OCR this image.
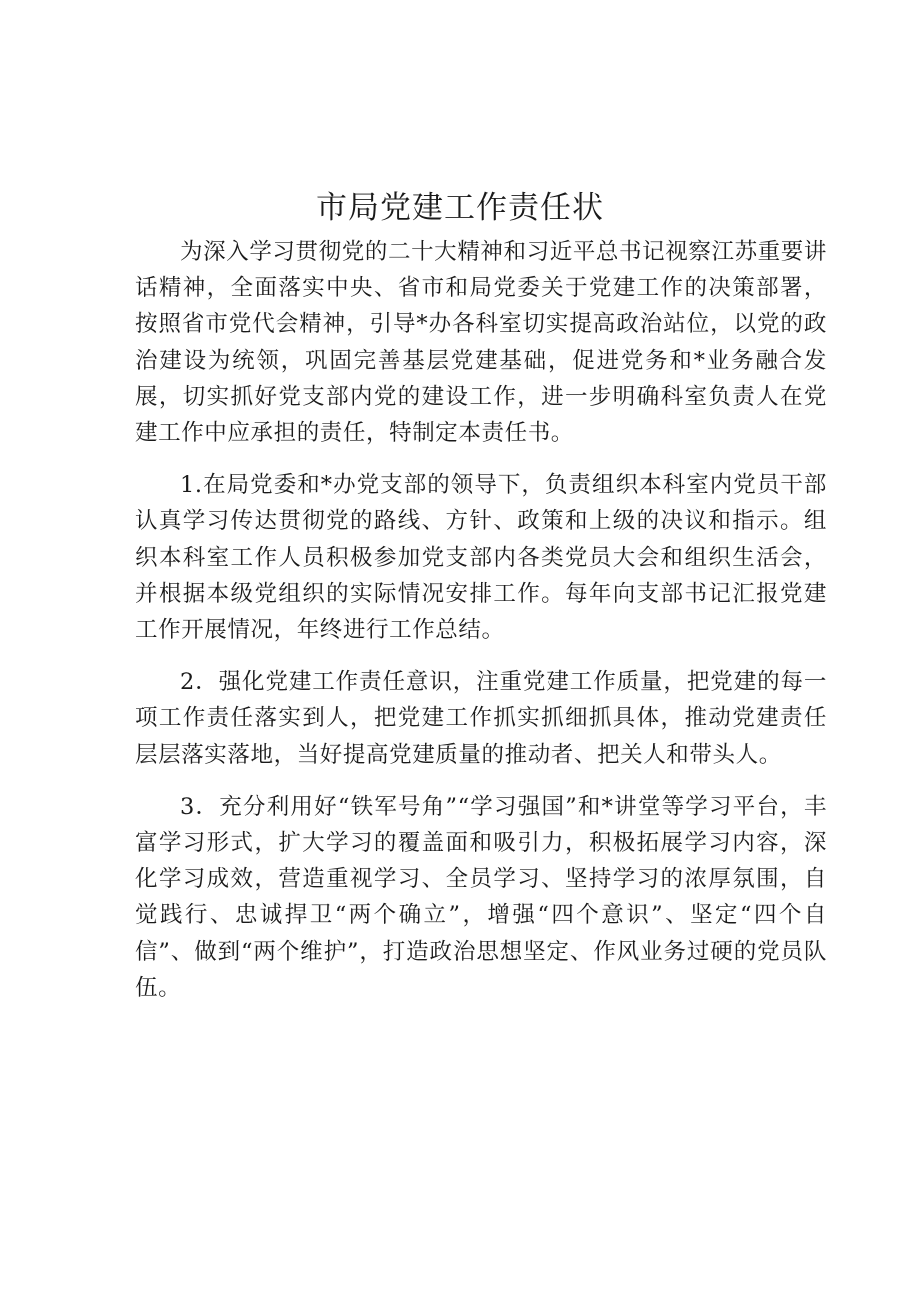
市局党建工作责任状

为深入学习贯彻党的二十大精神和习近平总书记视察江苏重要讲话精神，全面落实中央、省市和局党委关于党建工作的决策部署，按照省市党代会精神，引导*办各科室切实提高政治站位，以党的政治建设为统领，巩固完善基层党建基础，促进党务和*业务融合发展，切实抓好党支部内党的建设工作，进一步明确科室负责人在党建工作中应承担的责任，特制定本责任书。

1.在局党委和*办党支部的领导下，负责组织本科室内党员干部认真学习传达贯彻党的路线、方针、政策和上级的决议和指示。组织本科室工作人员积极参加党支部内各类党员大会和组织生活会，并根据本级党组织的实际情况安排工作。每年向支部书记汇报党建工作开展情况，年终进行工作总结。

2．强化党建工作责任意识，注重党建工作质量，把党建的每一项工作责任落实到人，把党建工作抓实抓细抓具体，推动党建责任层层落实落地，当好提高党建质量的推动者、把关人和带头人。

3．充分利用好“铁军号角”“学习强国”和*讲堂等学习平台，丰富学习形式，扩大学习的覆盖面和吸引力，积极拓展学习内容，深化学习成效，营造重视学习、全员学习、坚持学习的浓厚氛围，自觉践行、忠诚捍卫“两个确立”，增强“四个意识”、坚定“四个自信”、做到“两个维护”，打造政治思想坚定、作风业务过硬的党员队伍。
